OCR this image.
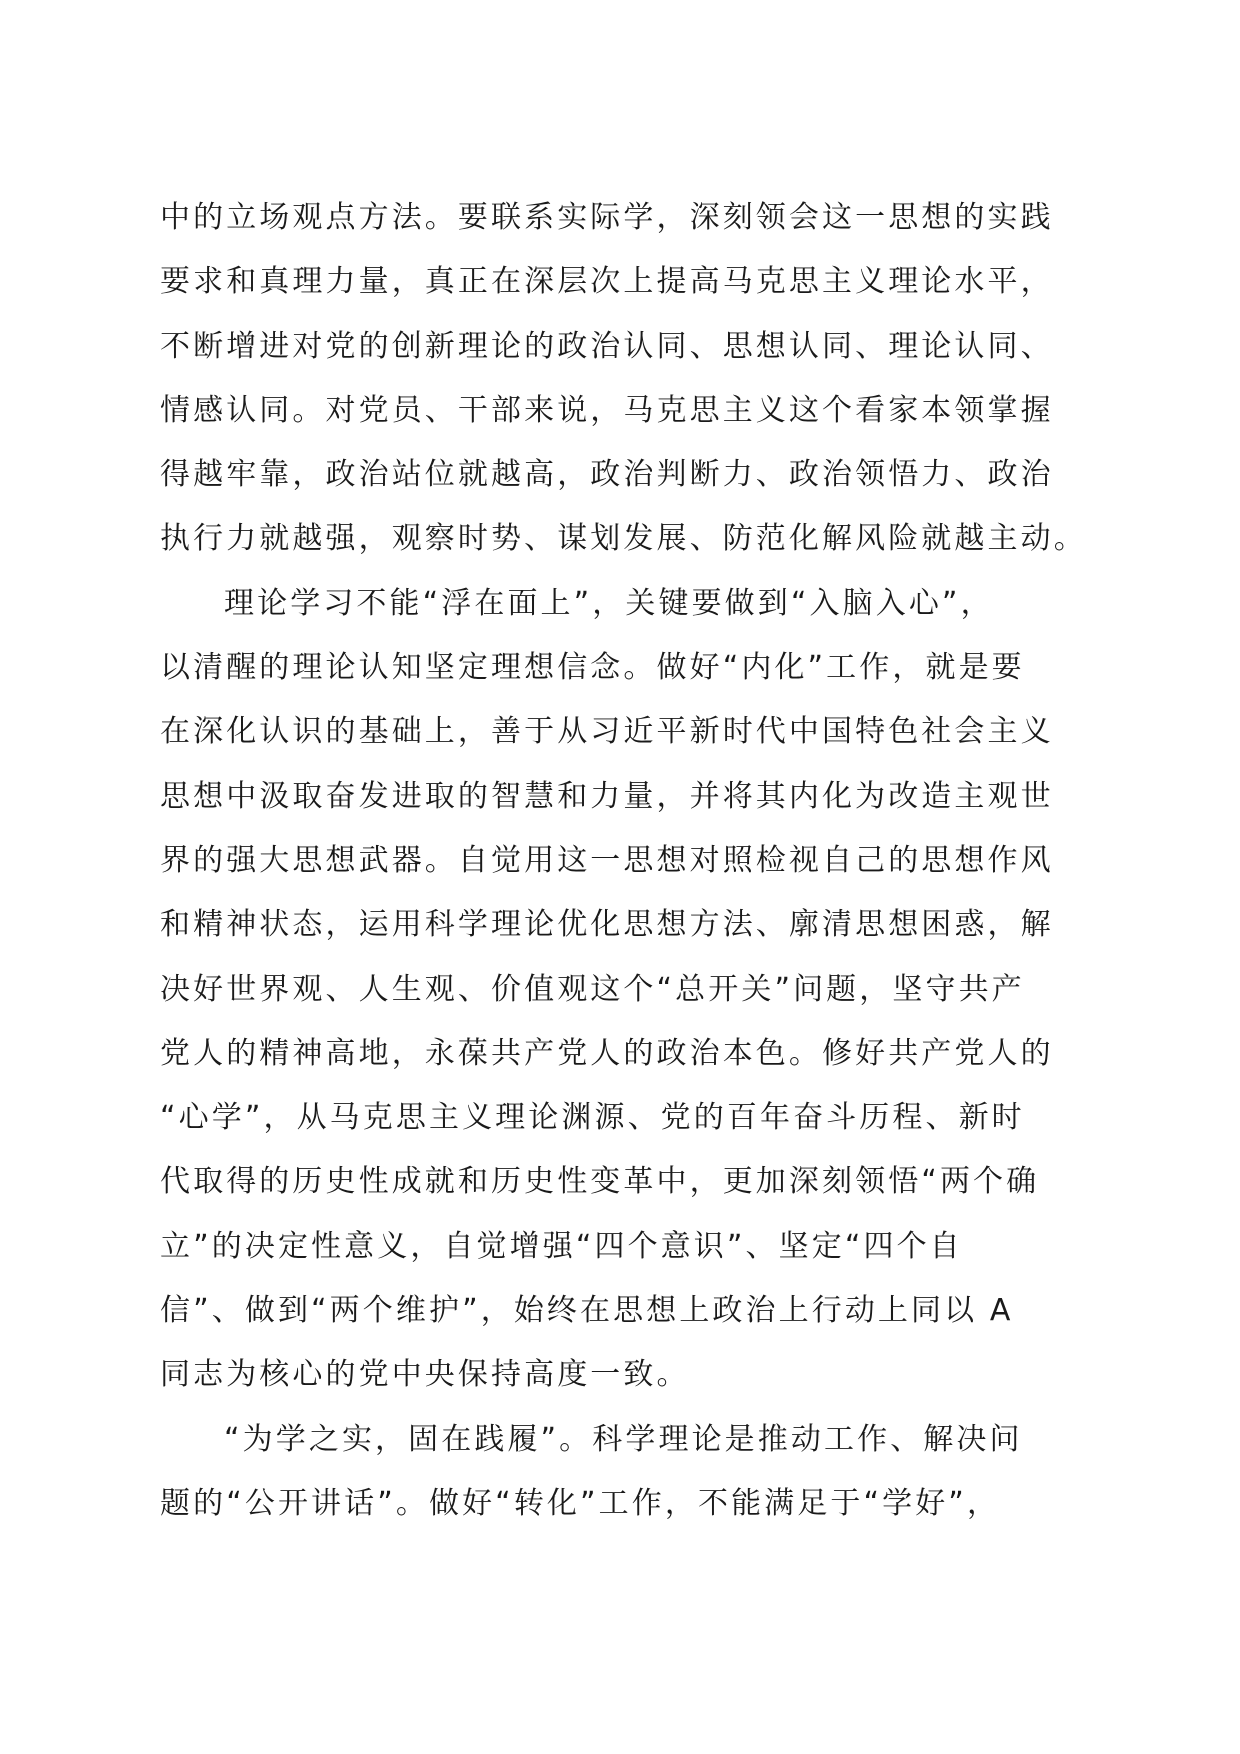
中的立场观点方法。要联系实际学，深刻领会这一思想的实践
要求和真理力量，真正在深层次上提高马克思主义理论水平，
不断增进对党的创新理论的政治认同、思想认同、理论认同、
情感认同。对党员、干部来说，马克思主义这个看家本领掌握
得越牢靠，政治站位就越高，政治判断力、政治领悟力、政治
执行力就越强，观察时势、谋划发展、防范化解风险就越主动。
理论学习不能“浮在面上”，关键要做到“入脑入心”，
以清醒的理论认知坚定理想信念。做好“内化”工作，就是要
在深化认识的基础上，善于从习近平新时代中国特色社会主义
思想中汲取奋发进取的智慧和力量，并将其内化为改造主观世
界的强大思想武器。自觉用这一思想对照检视自己的思想作风
和精神状态，运用科学理论优化思想方法、廓清思想困惑，解
决好世界观、人生观、价值观这个“总开关”问题，坚守共产
党人的精神高地，永葆共产党人的政治本色。修好共产党人的
“心学”，从马克思主义理论渊源、党的百年奋斗历程、新时
代取得的历史性成就和历史性变革中，更加深刻领悟“两个确
立”的决定性意义，自觉增强“四个意识”、坚定“四个自
信”、做到“两个维护”，始终在思想上政治上行动上同以 A
同志为核心的党中央保持高度一致。
“为学之实，固在践履”。科学理论是推动工作、解决问
题的“公开讲话”。做好“转化”工作，不能满足于“学好”，
